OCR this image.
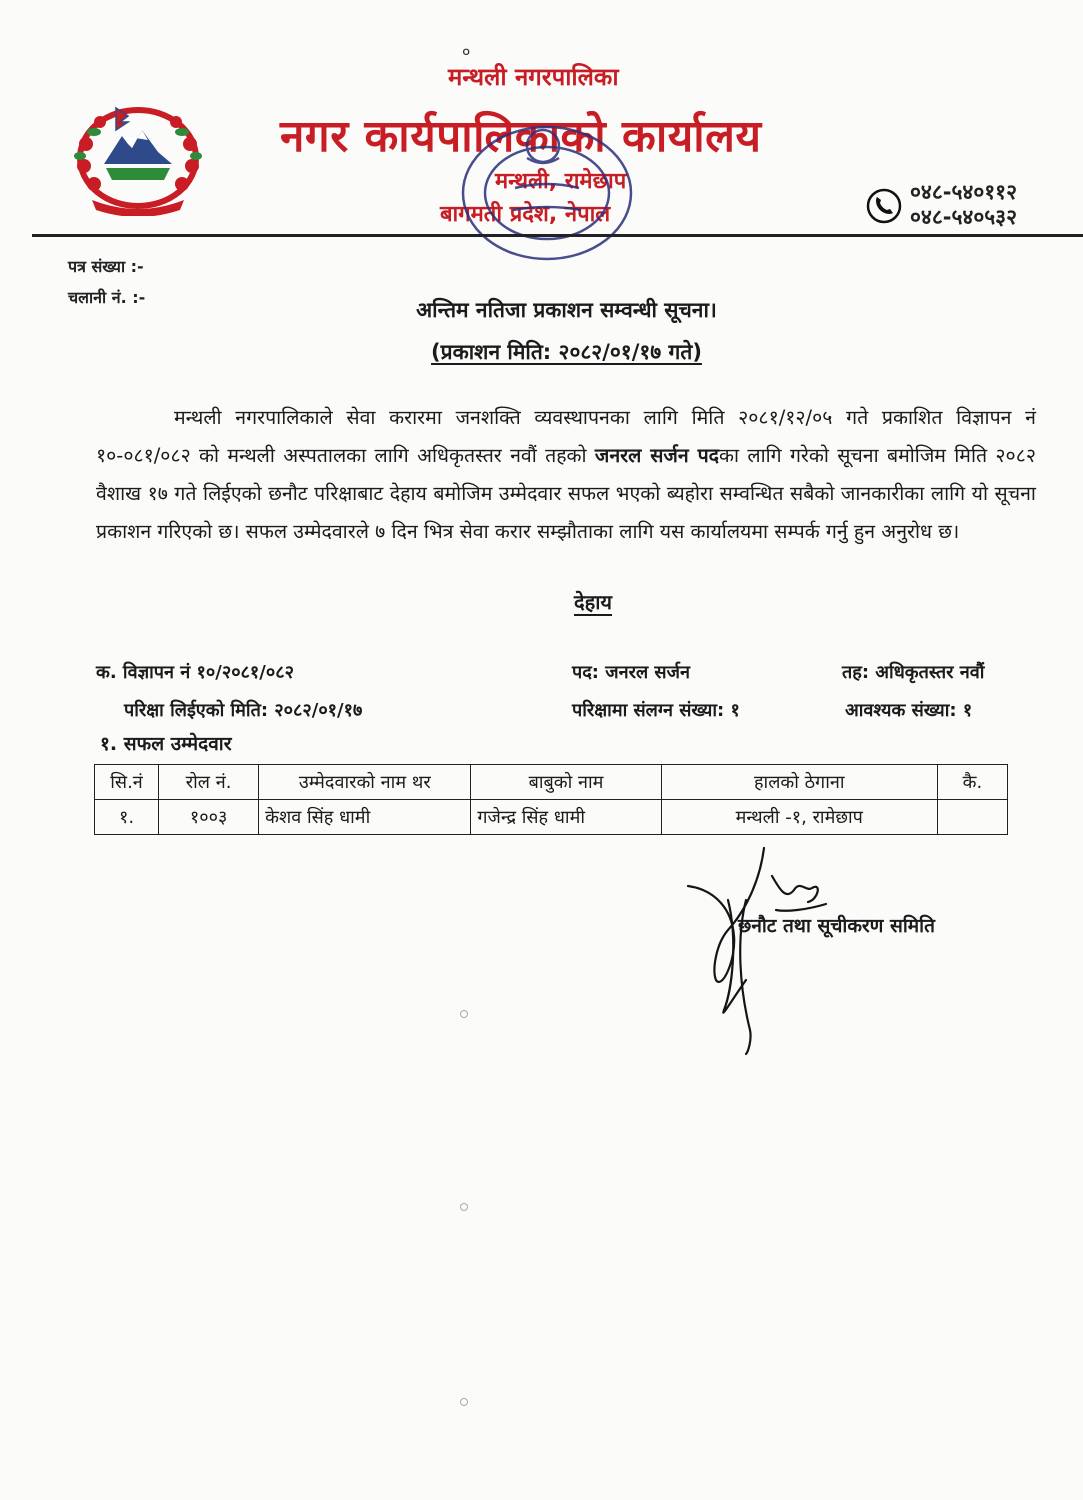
०
मन्थली नगरपालिका
नगर कार्यपालिकाको कार्यालय
मन्थली, रामेछाप
बागमती प्रदेश, नेपाल
०४८-५४०११२
०४८-५४०५३२
पत्र संख्या :-
चलानी नं. :-
अन्तिम नतिजा प्रकाशन सम्वन्धी सूचना।
(प्रकाशन मिति: २०८२/०१/१७ गते)

मन्थली नगरपालिकाले सेवा करारमा जनशक्ति व्यवस्थापनका लागि मिति २०८१/१२/०५ गते प्रकाशित विज्ञापन नं १०-०८१/०८२ को मन्थली अस्पतालका लागि अधिकृतस्तर नवौं तहको जनरल सर्जन पदका लागि गरेको सूचना बमोजिम मिति २०८२ वैशाख १७ गते लिईएको छनौट परिक्षाबाट देहाय बमोजिम उम्मेदवार सफल भएको ब्यहोरा सम्वन्धित सबैको जानकारीका लागि यो सूचना प्रकाशन गरिएको छ। सफल उम्मेदवारले ७ दिन भित्र सेवा करार सम्झौताका लागि यस कार्यालयमा सम्पर्क गर्नु हुन अनुरोध छ।

देहाय
क. विज्ञापन नं १०/२०८१/०८२	पद: जनरल सर्जन	तह: अधिकृतस्तर नवौं
परिक्षा लिईएको मिति: २०८२/०१/१७	परिक्षामा संलग्न संख्या: १	आवश्यक संख्या: १
१. सफल उम्मेदवार
सि.नं	रोल नं.	उम्मेदवारको नाम थर	बाबुको नाम	हालको ठेगाना	कै.
१.	१००३	केशव सिंह धामी	गजेन्द्र सिंह धामी	मन्थली -१, रामेछाप	
छनौट तथा सूचीकरण समिति
